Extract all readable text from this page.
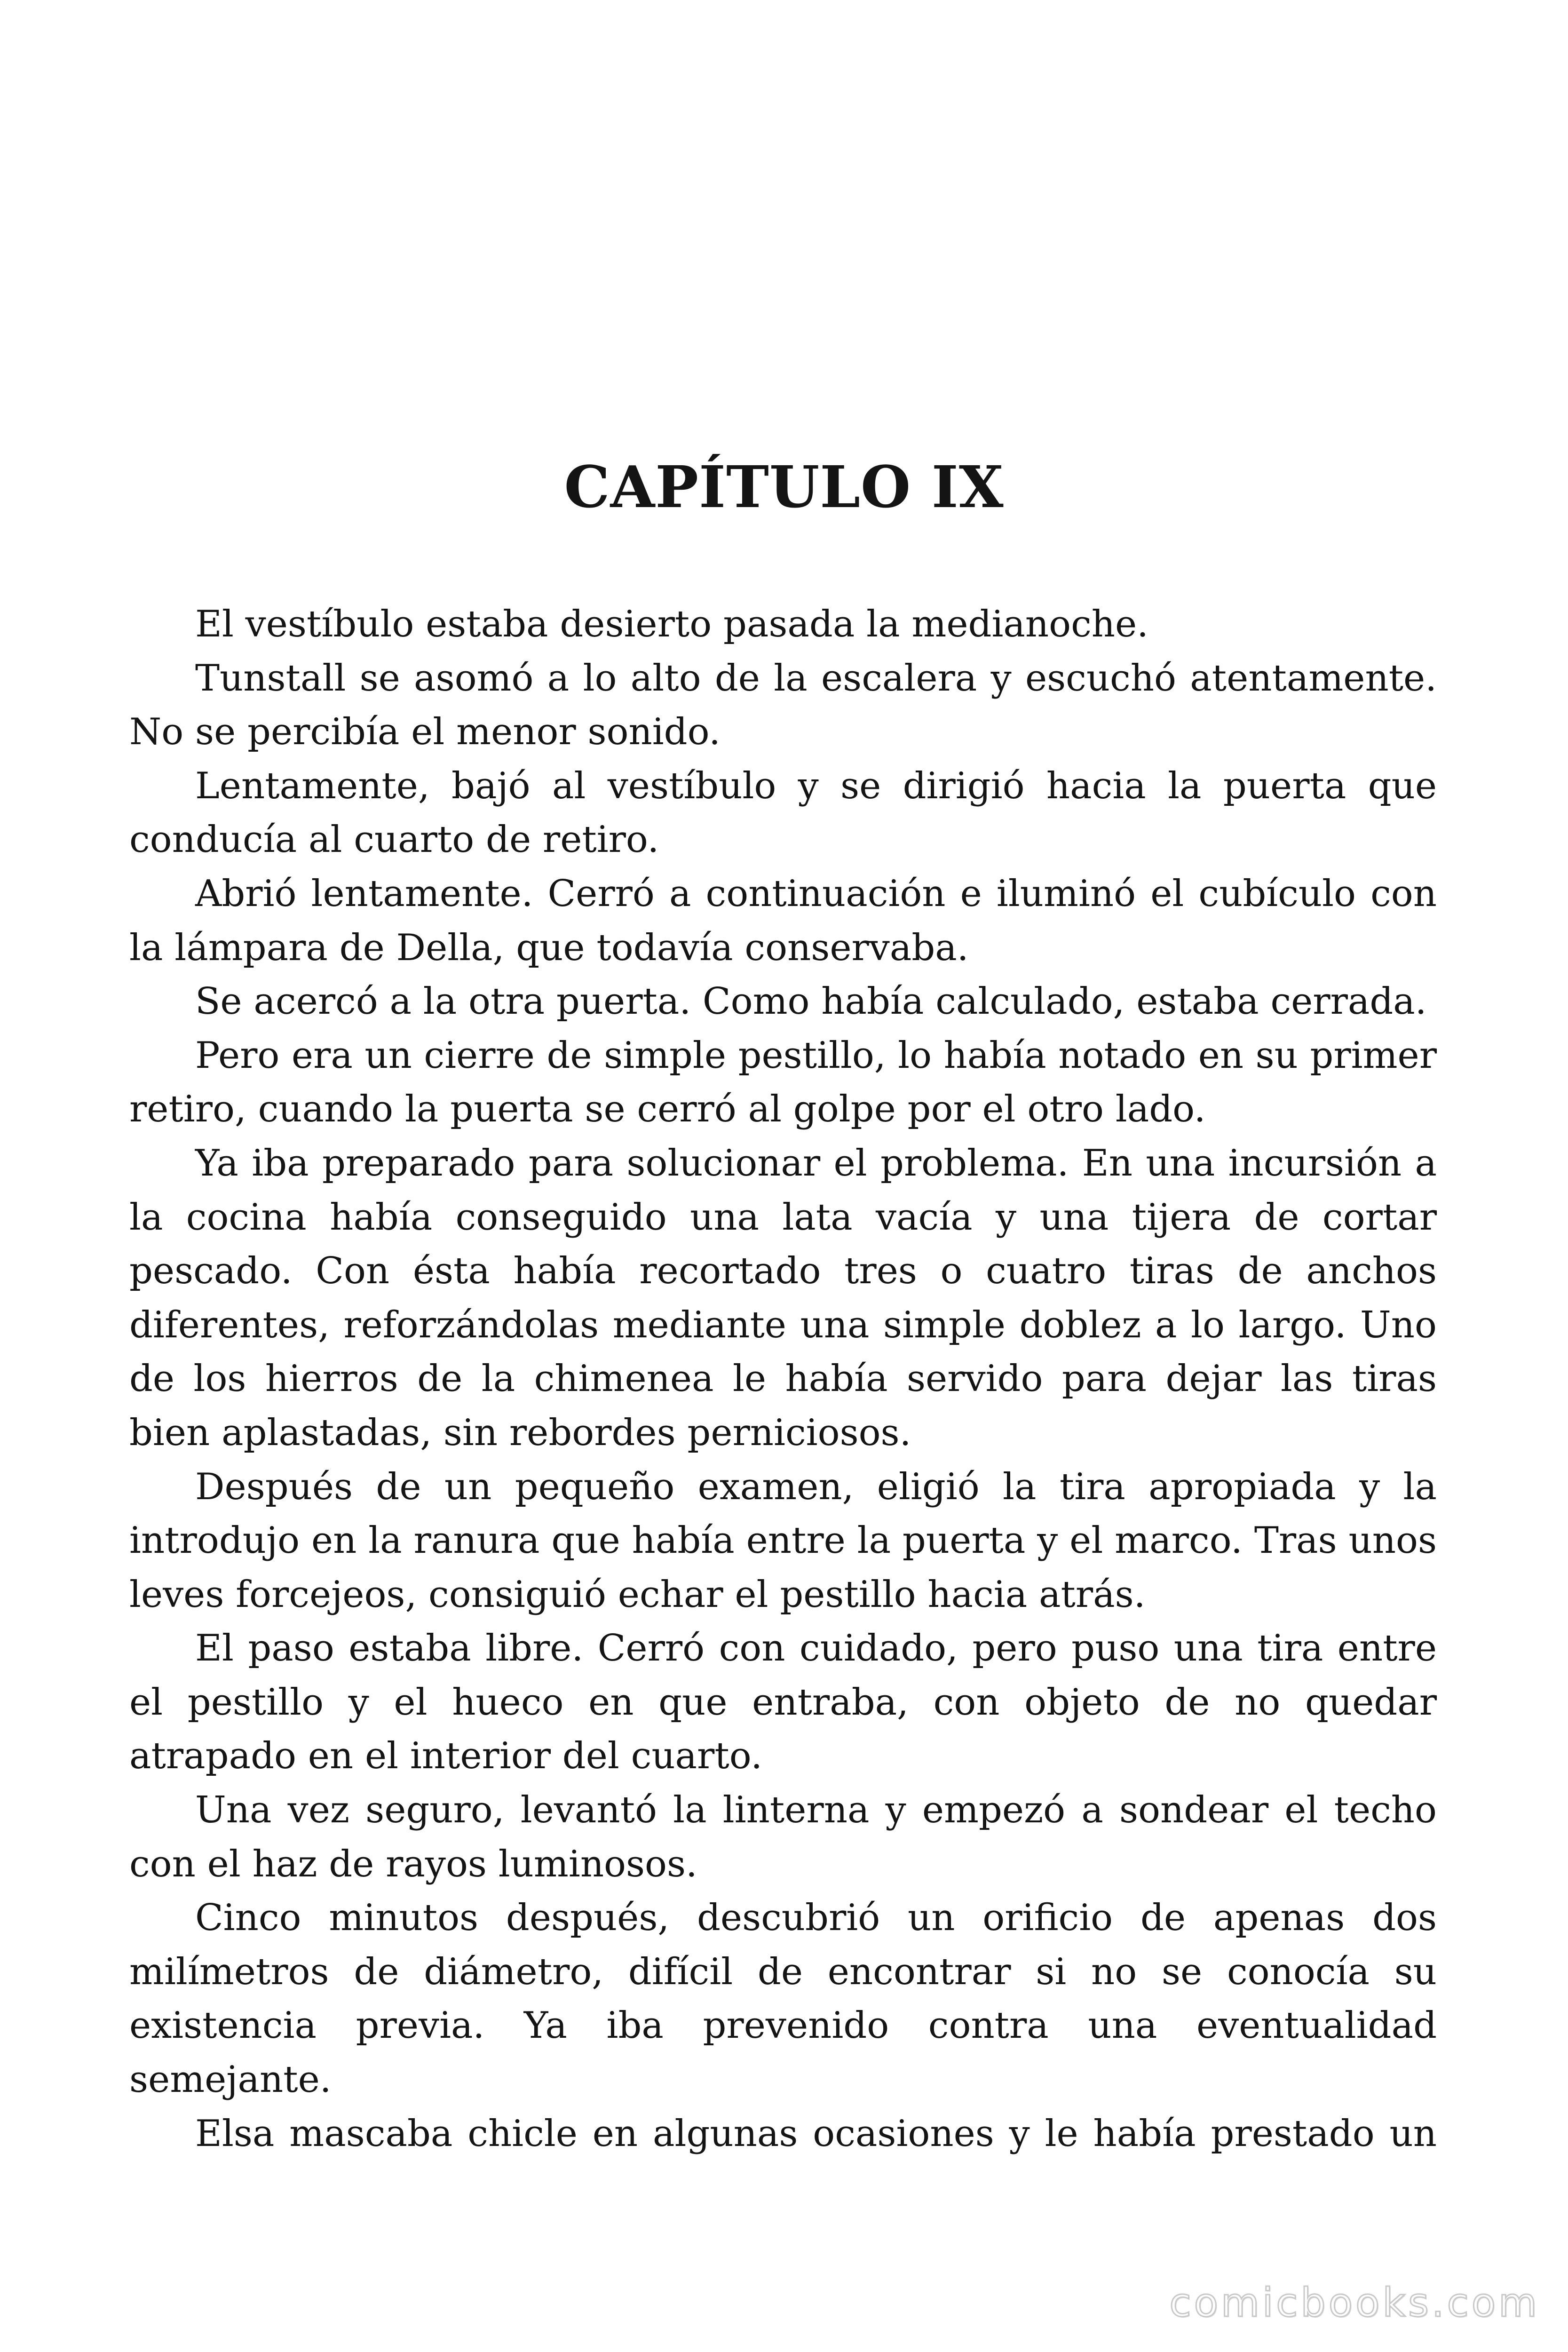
CAPÍTULO IX

El vestíbulo estaba desierto pasada la medianoche.

Tunstall se asomó a lo alto de la escalera y escuchó atentamente. No se percibía el menor sonido.

Lentamente, bajó al vestíbulo y se dirigió hacia la puerta que conducía al cuarto de retiro.

Abrió lentamente. Cerró a continuación e iluminó el cubículo con la lámpara de Della, que todavía conservaba.

Se acercó a la otra puerta. Como había calculado, estaba cerrada.

Pero era un cierre de simple pestillo, lo había notado en su primer retiro, cuando la puerta se cerró al golpe por el otro lado.

Ya iba preparado para solucionar el problema. En una incursión a la cocina había conseguido una lata vacía y una tijera de cortar pescado. Con ésta había recortado tres o cuatro tiras de anchos diferentes, reforzándolas mediante una simple doblez a lo largo. Uno de los hierros de la chimenea le había servido para dejar las tiras bien aplastadas, sin rebordes perniciosos.

Después de un pequeño examen, eligió la tira apropiada y la introdujo en la ranura que había entre la puerta y el marco. Tras unos leves forcejeos, consiguió echar el pestillo hacia atrás.

El paso estaba libre. Cerró con cuidado, pero puso una tira entre el pestillo y el hueco en que entraba, con objeto de no quedar atrapado en el interior del cuarto.

Una vez seguro, levantó la linterna y empezó a sondear el techo con el haz de rayos luminosos.

Cinco minutos después, descubrió un orificio de apenas dos milímetros de diámetro, difícil de encontrar si no se conocía su existencia previa. Ya iba prevenido contra una eventualidad semejante.

Elsa mascaba chicle en algunas ocasiones y le había prestado un

comicbooks.com
